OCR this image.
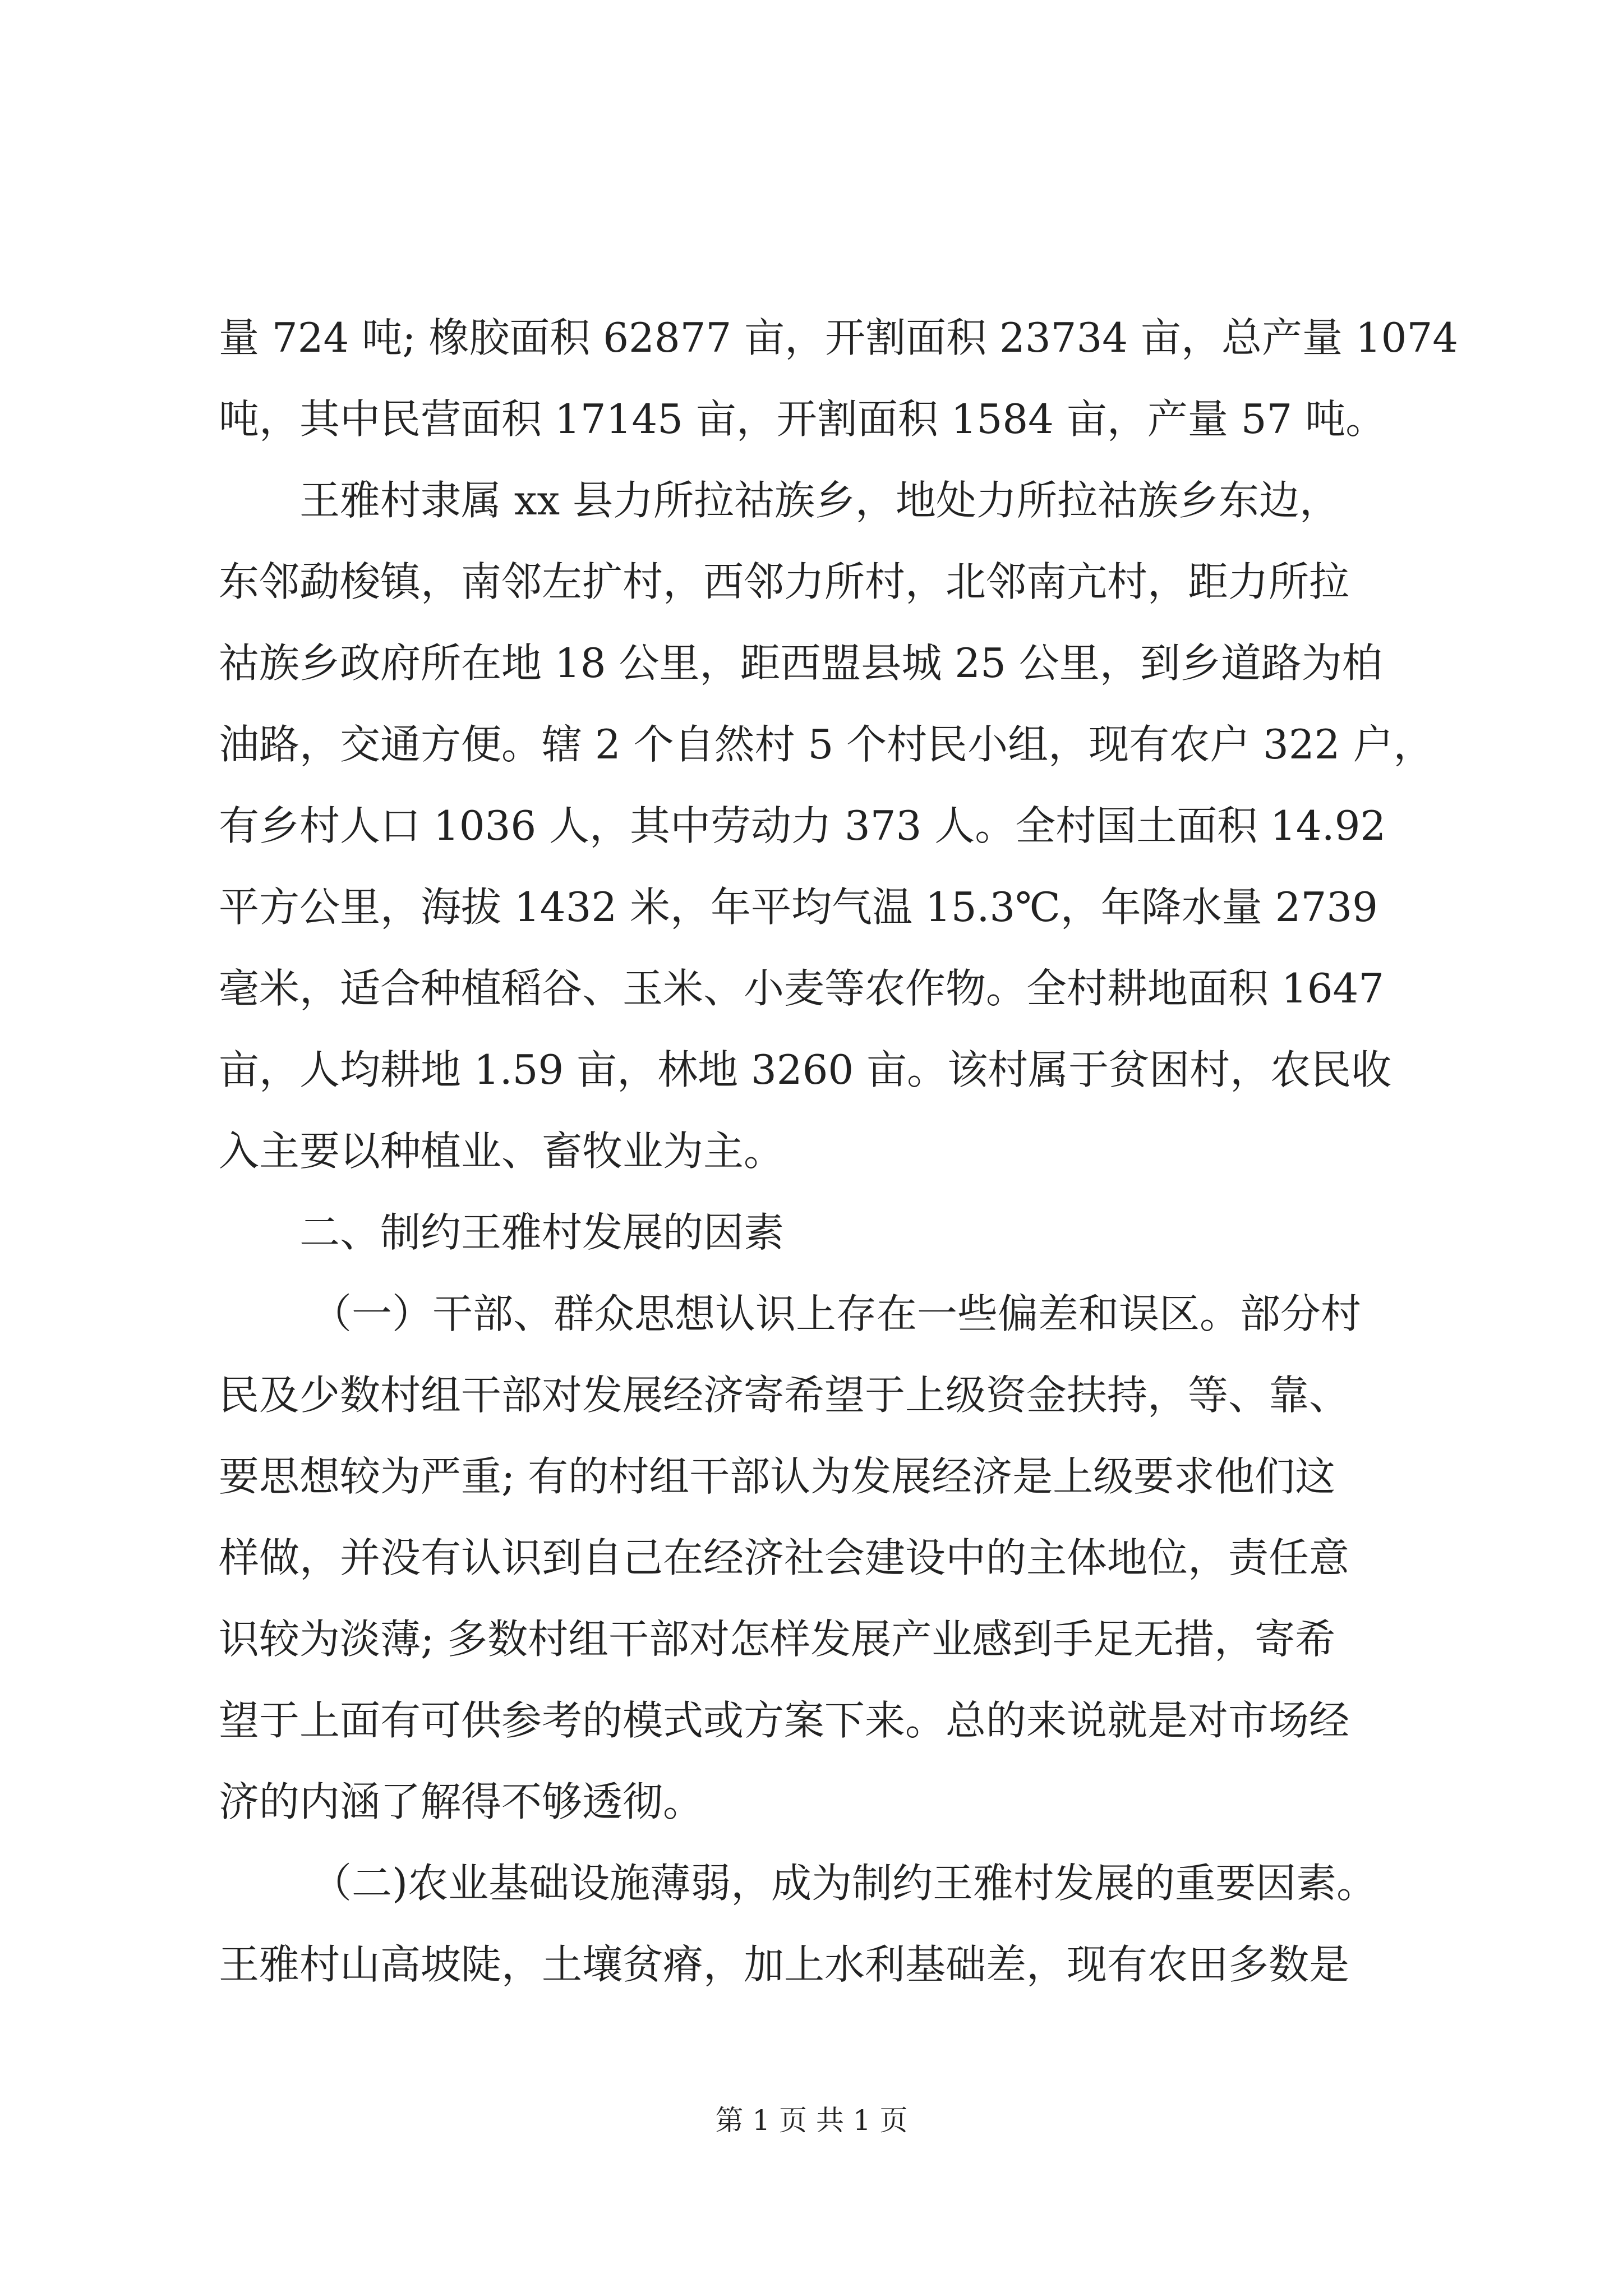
量 724 吨; 橡胶面积 62877 亩，开割面积 23734 亩，总产量 1074
吨，其中民营面积 17145 亩，开割面积 1584 亩，产量 57 吨。
王雅村隶属 xx 县力所拉祜族乡，地处力所拉祜族乡东边，
东邻勐梭镇，南邻左扩村，西邻力所村，北邻南亢村，距力所拉
祜族乡政府所在地 18 公里，距西盟县城 25 公里，到乡道路为柏
油路，交通方便。辖 2 个自然村 5 个村民小组，现有农户 322 户，
有乡村人口 1036 人，其中劳动力 373 人。全村国土面积 14.92
平方公里，海拔 1432 米，年平均气温 15.3℃，年降水量 2739
毫米，适合种植稻谷、玉米、小麦等农作物。全村耕地面积 1647
亩，人均耕地 1.59 亩，林地 3260 亩。该村属于贫困村，农民收
入主要以种植业、畜牧业为主。
二、制约王雅村发展的因素
（一）干部、群众思想认识上存在一些偏差和误区。部分村
民及少数村组干部对发展经济寄希望于上级资金扶持，等、靠、
要思想较为严重; 有的村组干部认为发展经济是上级要求他们这
样做，并没有认识到自己在经济社会建设中的主体地位，责任意
识较为淡薄; 多数村组干部对怎样发展产业感到手足无措，寄希
望于上面有可供参考的模式或方案下来。总的来说就是对市场经
济的内涵了解得不够透彻。
（二)农业基础设施薄弱，成为制约王雅村发展的重要因素。
王雅村山高坡陡，土壤贫瘠，加上水利基础差，现有农田多数是
第 1 页 共 1 页
